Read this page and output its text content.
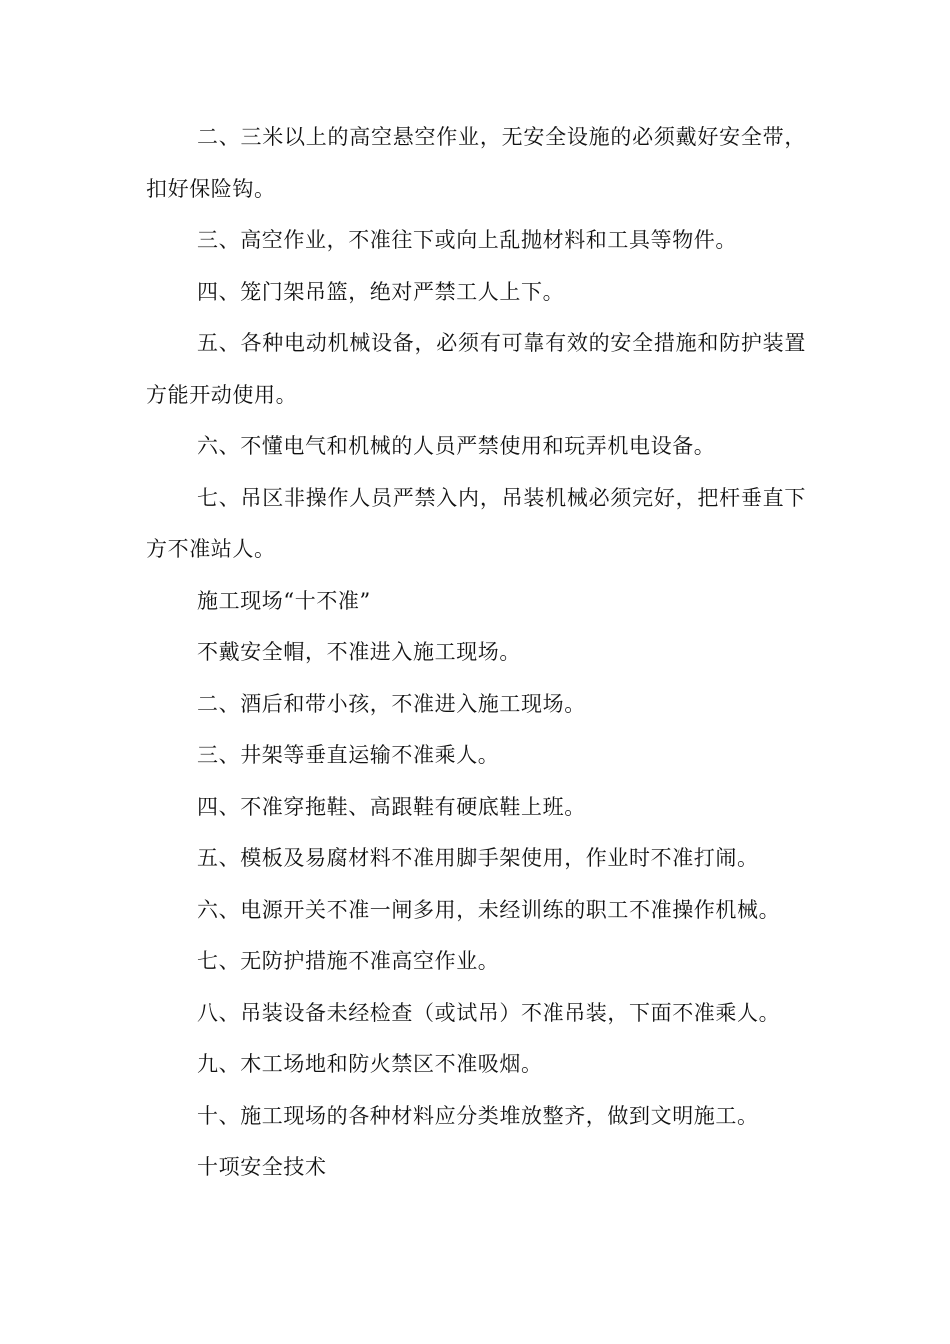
二、三米以上的高空悬空作业，无安全设施的必须戴好安全带，扣好保险钩。

三、高空作业，不准往下或向上乱抛材料和工具等物件。

四、笼门架吊篮，绝对严禁工人上下。

五、各种电动机械设备，必须有可靠有效的安全措施和防护装置方能开动使用。

六、不懂电气和机械的人员严禁使用和玩弄机电设备。

七、吊区非操作人员严禁入内，吊装机械必须完好，把杆垂直下方不准站人。

施工现场“十不准”

不戴安全帽，不准进入施工现场。

二、酒后和带小孩，不准进入施工现场。

三、井架等垂直运输不准乘人。

四、不准穿拖鞋、高跟鞋有硬底鞋上班。

五、模板及易腐材料不准用脚手架使用，作业时不准打闹。

六、电源开关不准一闸多用，未经训练的职工不准操作机械。

七、无防护措施不准高空作业。

八、吊装设备未经检查（或试吊）不准吊装，下面不准乘人。

九、木工场地和防火禁区不准吸烟。

十、施工现场的各种材料应分类堆放整齐，做到文明施工。

十项安全技术
